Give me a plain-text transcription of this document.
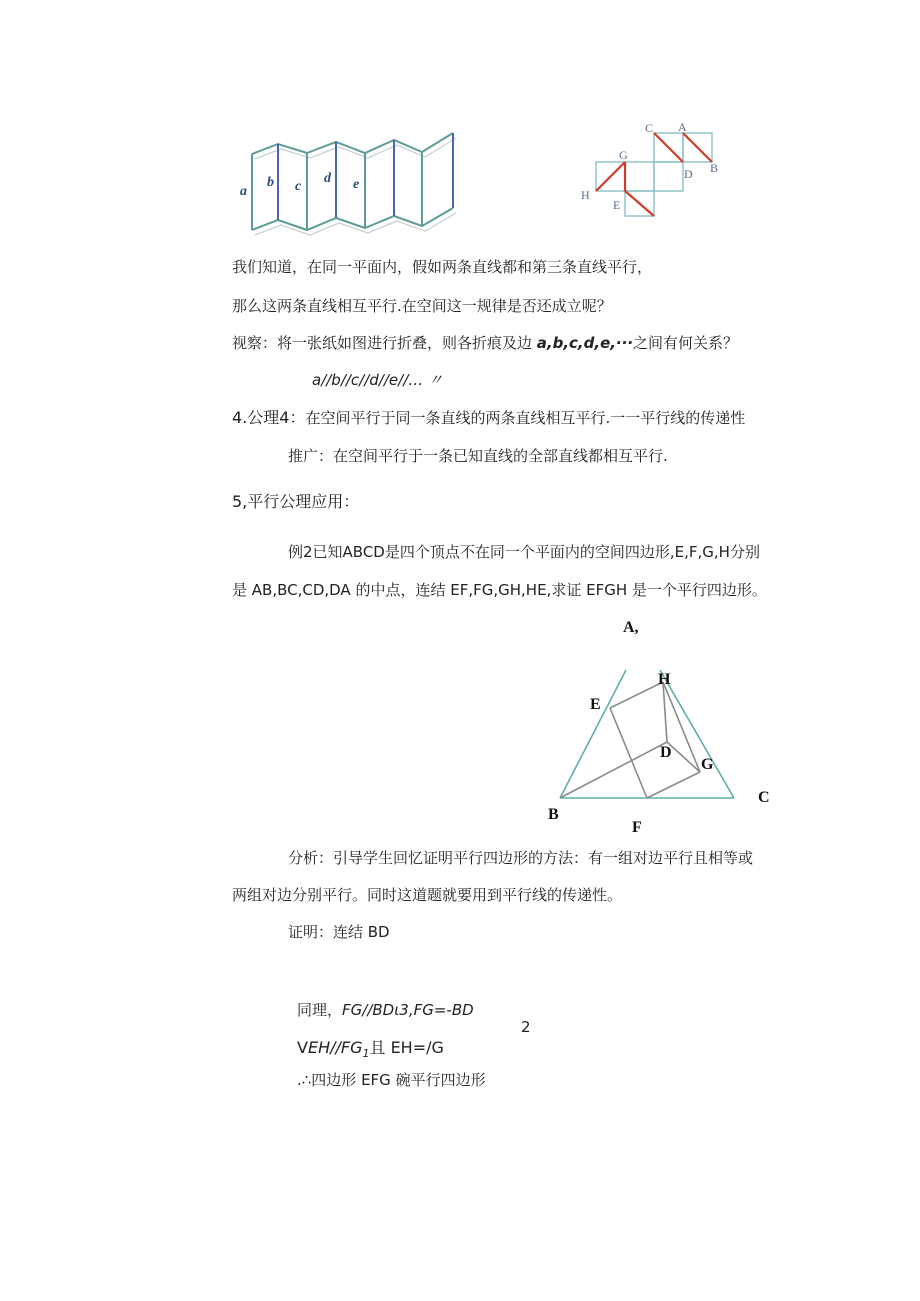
a
b c
d e
C A
B
D
G
H
E
我们知道，在同一平面内，假如两条直线都和第三条直线平行，
那么这两条直线相互平行.在空间这一规律是否还成立呢？
视察：将一张纸如图进行折叠，则各折痕及边 a,b,c,d,e,···之间有何关系？
a∕∕b∕∕c∕∕d∕∕e∕∕… 〃
4.公理4：在空间平行于同一条直线的两条直线相互平行.一一平行线的传递性
推广：在空间平行于一条已知直线的全部直线都相互平行.
5,平行公理应用：
例2已知ABCD是四个顶点不在同一个平面内的空间四边形,E,F,G,H分别
是 AB,BC,CD,DA 的中点，连结 EF,FG,GH,HE,求证 EFGH 是一个平行四边形。
A,
H
E
D
G
B
C
F
分析：引导学生回忆证明平行四边形的方法：有一组对边平行且相等或
两组对边分别平行。同时这道题就要用到平行线的传递性。
证明：连结 BD
同理，FG∕∕BDι3,FG=-BD
2
$VEH∕∕FG_1$且 EH=∕G
.∴四边形 EFG 碗平行四边形
